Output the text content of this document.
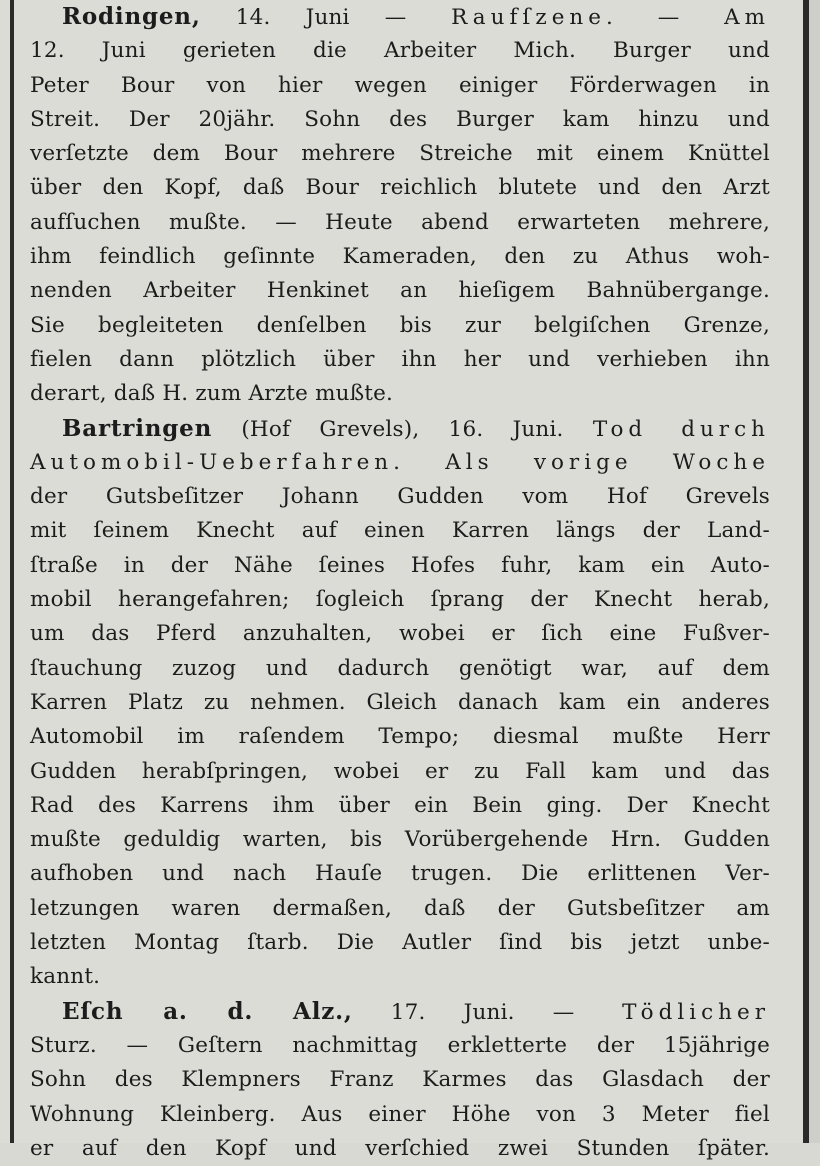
Rodingen, 14. Juni — Raufſzene. — Am
12. Juni gerieten die Arbeiter Mich. Burger und
Peter Bour von hier wegen einiger Förderwagen in
Streit. Der 20jähr. Sohn des Burger kam hinzu und
verſetzte dem Bour mehrere Streiche mit einem Knüttel
über den Kopf, daß Bour reichlich blutete und den Arzt
aufſuchen mußte. — Heute abend erwarteten mehrere,
ihm feindlich geſinnte Kameraden, den zu Athus woh-
nenden Arbeiter Henkinet an hieſigem Bahnübergange.
Sie begleiteten denſelben bis zur belgiſchen Grenze,
fielen dann plötzlich über ihn her und verhieben ihn
derart, daß H. zum Arzte mußte.
Bartringen (Hof Grevels), 16. Juni. Tod durch
Automobil-Ueberfahren. Als vorige Woche
der Gutsbeſitzer Johann Gudden vom Hof Grevels
mit ſeinem Knecht auf einen Karren längs der Land-
ſtraße in der Nähe ſeines Hofes fuhr, kam ein Auto-
mobil herangefahren; ſogleich ſprang der Knecht herab,
um das Pferd anzuhalten, wobei er ſich eine Fußver-
ſtauchung zuzog und dadurch genötigt war, auf dem
Karren Platz zu nehmen. Gleich danach kam ein anderes
Automobil im raſendem Tempo; diesmal mußte Herr
Gudden herabſpringen, wobei er zu Fall kam und das
Rad des Karrens ihm über ein Bein ging. Der Knecht
mußte geduldig warten, bis Vorübergehende Hrn. Gudden
aufhoben und nach Hauſe trugen. Die erlittenen Ver-
letzungen waren dermaßen, daß der Gutsbeſitzer am
letzten Montag ſtarb. Die Autler ſind bis jetzt unbe-
kannt.
Eſch a. d. Alz., 17. Juni. — Tödlicher
Sturz. — Geſtern nachmittag erkletterte der 15jährige
Sohn des Klempners Franz Karmes das Glasdach der
Wohnung Kleinberg. Aus einer Höhe von 3 Meter fiel
er auf den Kopf und verſchied zwei Stunden ſpäter.
